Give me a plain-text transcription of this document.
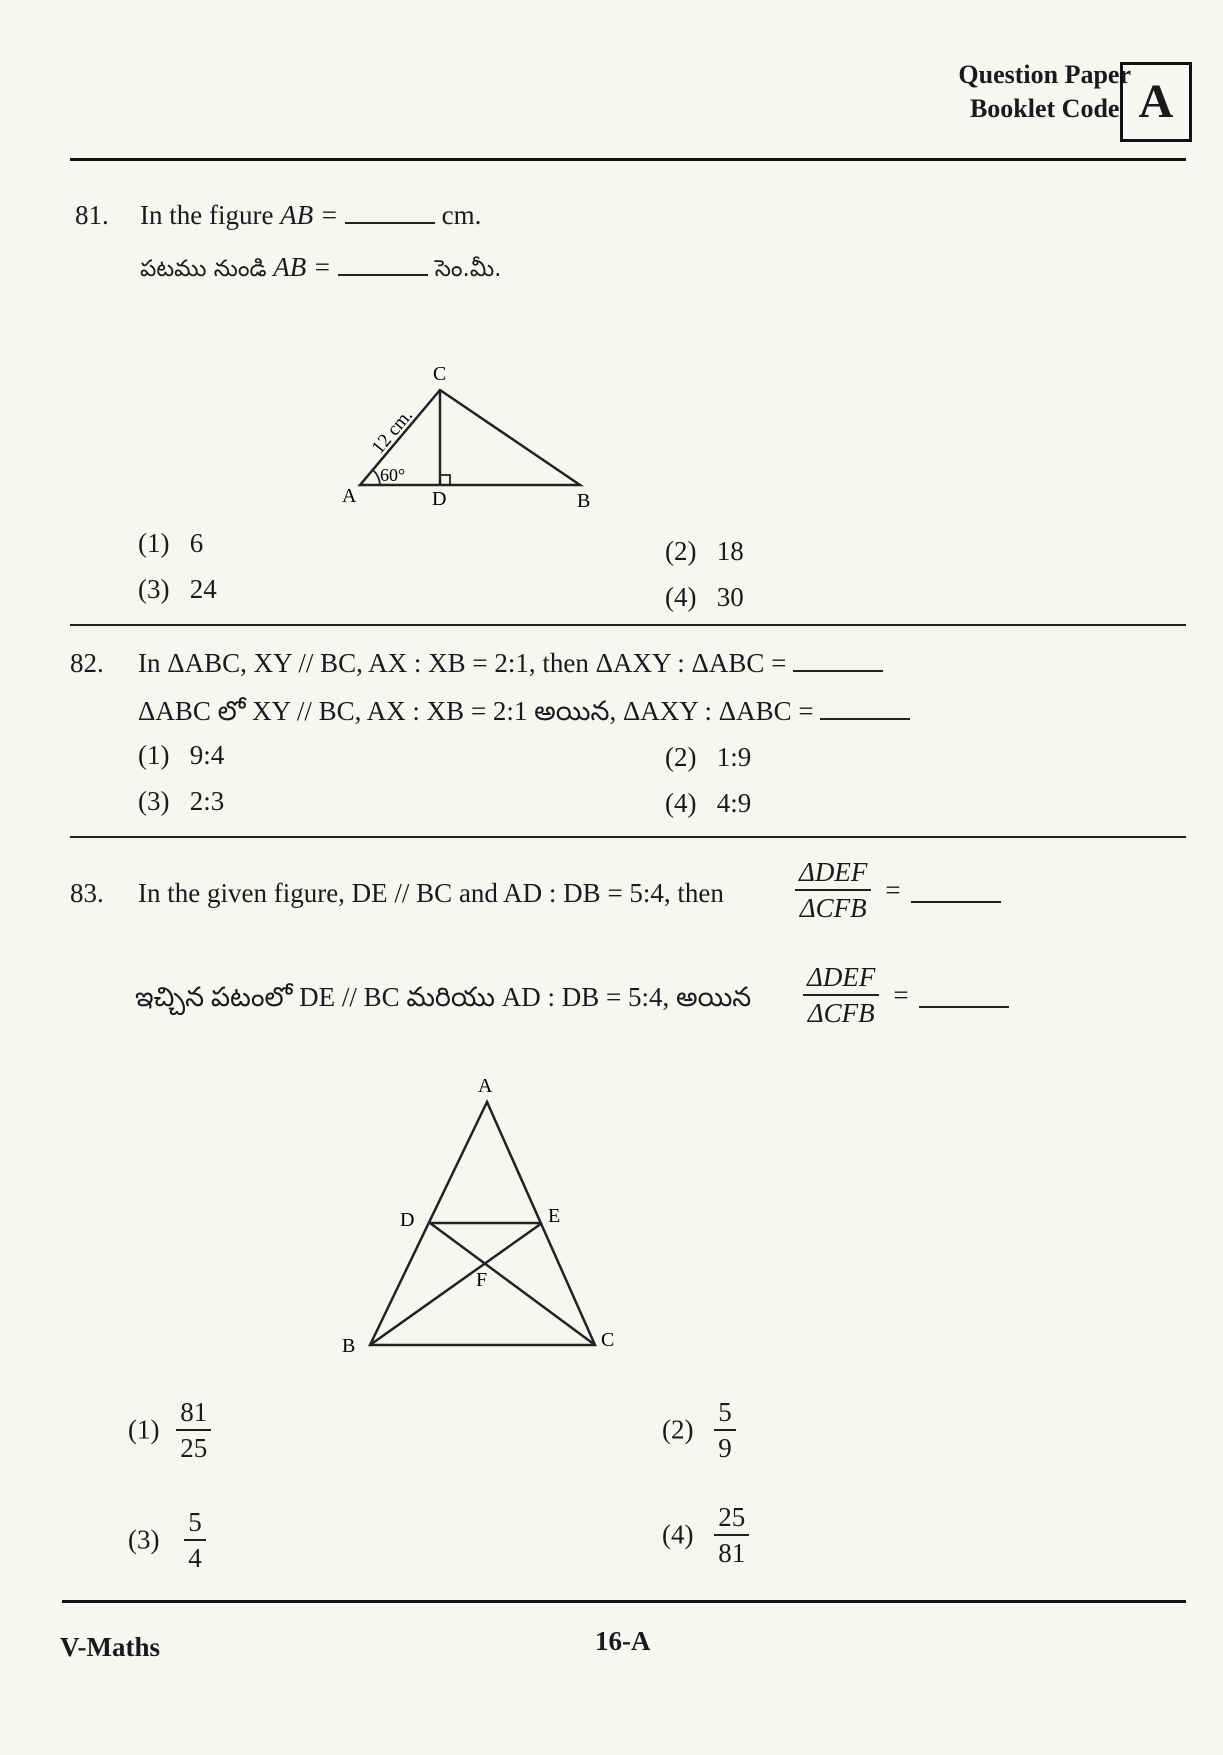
Question Paper
Booklet Code A
81. In the figure AB =	cm.
పటము నుండి AB =	సెం.మీ.
C
A	D	B
12 cm.
60°
(1) 6	(2) 18
(3) 24	(4) 30
82. In ΔABC, XY // BC, AX : XB = 2:1, then ΔAXY : ΔABC =
ΔABC లో XY // BC, AX : XB = 2:1 అయిన, ΔAXY : ΔABC =
(1) 9:4	(2) 1:9
(3) 2:3	(4) 4:9
83. In the given figure, DE // BC and AD : DB = 5:4, then	$\frac{\text{ΔDEF}}{\text{ΔCFB}}$ =
ఇచ్చిన పటంలో DE // BC మరియు AD : DB = 5:4, అయిన $\frac{\text{ΔDEF}}{\text{ΔCFB}}$ =
A
D	E
F
B	C
$(1) \frac{81}{25}$	$(2) \frac{5}{9}$
$(3) \frac{5}{4}$	$(4) \frac{25}{81}$
V-Maths	16-A
